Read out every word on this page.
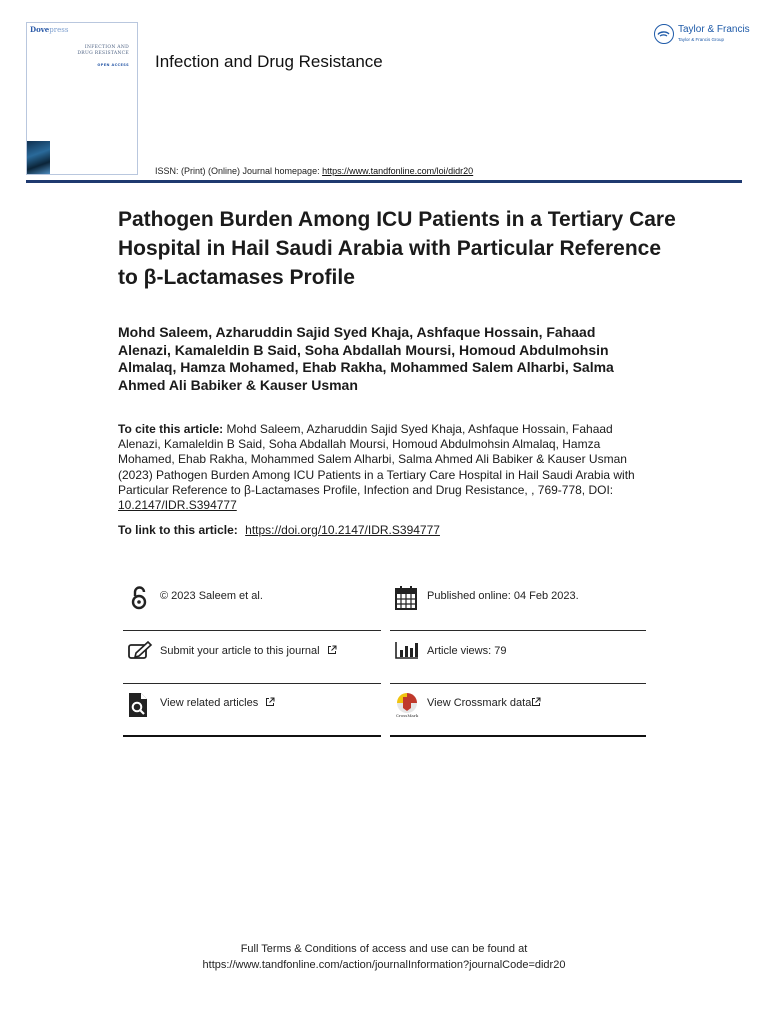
Dovepress
INFECTION AND
DRUG RESISTANCE
OPEN ACCESS Infection and Drug Resistance
ISSN: (Print) (Online) Journal homepage: https://www.tandfonline.com/loi/didr20
Taylor & Francis
Taylor & Francis Group
Pathogen Burden Among ICU Patients in a Tertiary Care Hospital in Hail Saudi Arabia with Particular Reference to β-Lactamases Profile
Mohd Saleem, Azharuddin Sajid Syed Khaja, Ashfaque Hossain, Fahaad Alenazi, Kamaleldin B Said, Soha Abdallah Moursi, Homoud Abdulmohsin Almalaq, Hamza Mohamed, Ehab Rakha, Mohammed Salem Alharbi, Salma Ahmed Ali Babiker & Kauser Usman
To cite this article: Mohd Saleem, Azharuddin Sajid Syed Khaja, Ashfaque Hossain, Fahaad Alenazi, Kamaleldin B Said, Soha Abdallah Moursi, Homoud Abdulmohsin Almalaq, Hamza Mohamed, Ehab Rakha, Mohammed Salem Alharbi, Salma Ahmed Ali Babiker & Kauser Usman (2023) Pathogen Burden Among ICU Patients in a Tertiary Care Hospital in Hail Saudi Arabia with Particular Reference to β-Lactamases Profile, Infection and Drug Resistance, , 769-778, DOI: 10.2147/IDR.S394777
To link to this article: https://doi.org/10.2147/IDR.S394777
© 2023 Saleem et al.
Submit your article to this journal
View related articles
Published online: 04 Feb 2023.
Article views: 79
CrossMark
View Crossmark data
Full Terms & Conditions of access and use can be found at
https://www.tandfonline.com/action/journalInformation?journalCode=didr20
